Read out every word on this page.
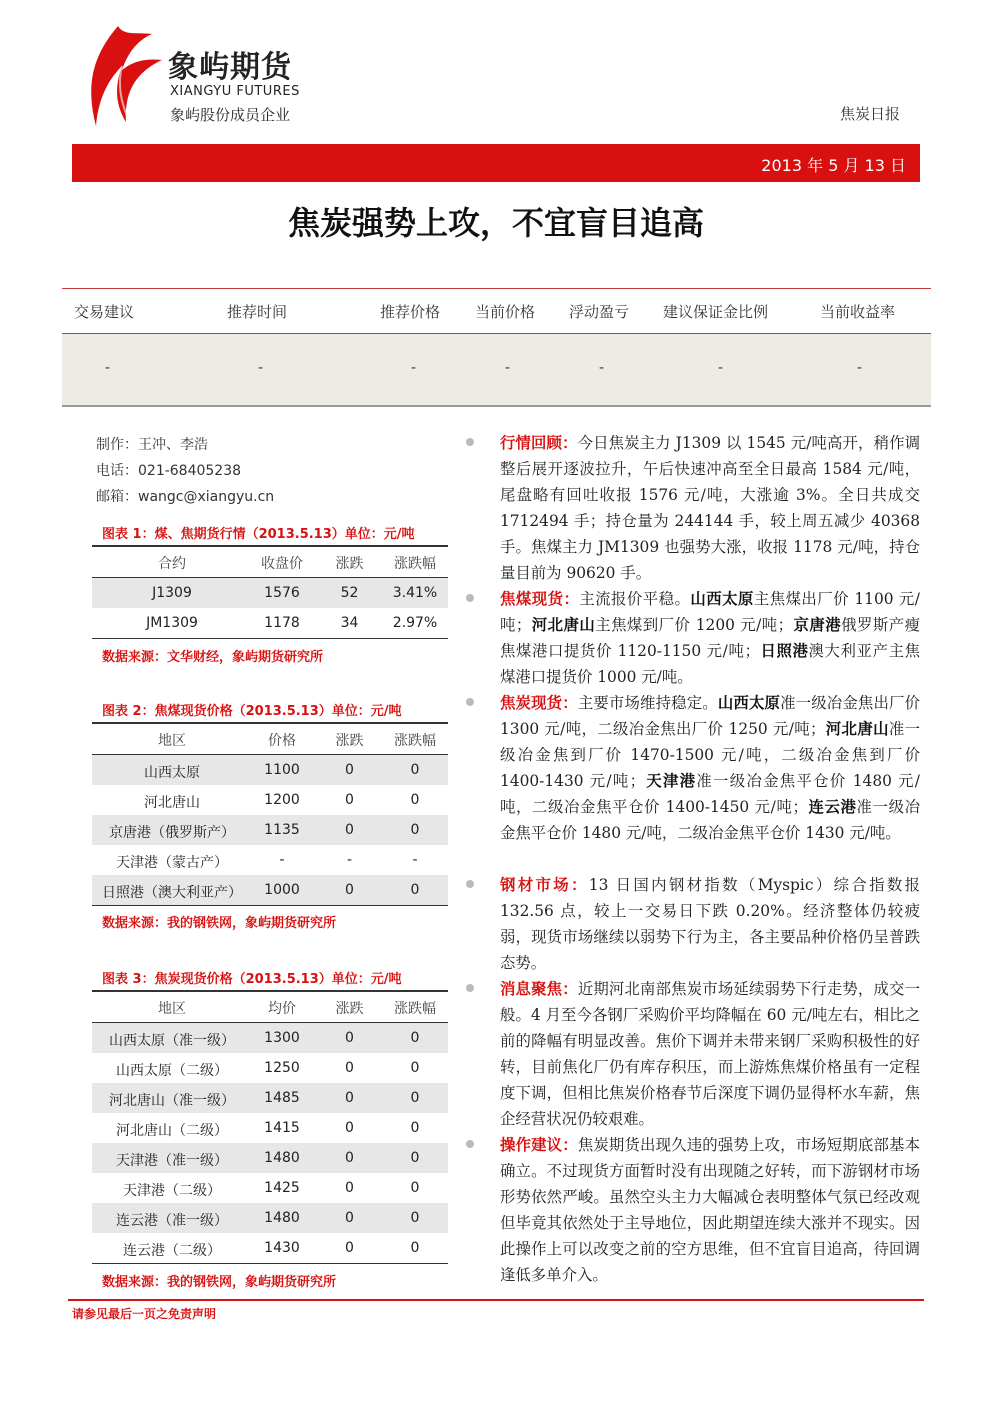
象屿期货
XIANGYU FUTURES
象屿股份成员企业	焦炭日报
2013 年 5 月 13 日
焦炭强势上攻，不宜盲目追高
交易建议	推荐时间	推荐价格 当前价格 浮动盈亏 建议保证金比例	当前收益率
-	-	-	-	-	-	-
制作：王冲、李浩
电话：021-68405238
邮箱：wangc@xiangyu.cn
图表 1：煤、焦期货行情（2013.5.13）单位：元/吨
合约	收盘价	涨跌	涨跌幅
J1309	1576	52	3.41%
JM1309	1178	34	2.97%
数据来源：文华财经，象屿期货研究所
图表 2：焦煤现货价格（2013.5.13）单位：元/吨
地区	价格	涨跌	涨跌幅
山西太原	1100	0	0
河北唐山	1200	0	0
京唐港（俄罗斯产）	1135	0	0
天津港（蒙古产）	-	-	-
日照港（澳大利亚产）	1000	0	0
数据来源：我的钢铁网，象屿期货研究所
图表 3：焦炭现货价格（2013.5.13）单位：元/吨
地区	均价	涨跌	涨跌幅
山西太原（准一级）	1300	0	0
山西太原（二级）	1250	0	0
河北唐山（准一级）	1485	0	0
河北唐山（二级）	1415	0	0
天津港（准一级）	1480	0	0
天津港（二级）	1425	0	0
连云港（准一级）	1480	0	0
连云港（二级）	1430	0	0
数据来源：我的钢铁网，象屿期货研究所
行情回顾：今日焦炭主力 J1309 以 1545 元/吨高开，稍作调整后展开逐波拉升，午后快速冲高至全日最高 1584 元/吨，尾盘略有回吐收报 1576 元/吨，大涨逾 3%。全日共成交 1712494 手；持仓量为 244144 手，较上周五减少 40368 手。焦煤主力 JM1309 也强势大涨，收报 1178 元/吨，持仓量目前为 90620 手。
焦煤现货：主流报价平稳。山西太原主焦煤出厂价 1100 元/吨；河北唐山主焦煤到厂价 1200 元/吨；京唐港俄罗斯产瘦焦煤港口提货价 1120-1150 元/吨；日照港澳大利亚产主焦煤港口提货价 1000 元/吨。
焦炭现货：主要市场维持稳定。山西太原准一级冶金焦出厂价 1300 元/吨，二级冶金焦出厂价 1250 元/吨；河北唐山准一级冶金焦到厂价 1470-1500 元/吨，二级冶金焦到厂价 1400-1430 元/吨；天津港准一级冶金焦平仓价 1480 元/吨，二级冶金焦平仓价 1400-1450 元/吨；连云港准一级冶金焦平仓价 1480 元/吨，二级冶金焦平仓价 1430 元/吨。
钢材市场：13 日国内钢材指数（Myspic）综合指数报 132.56 点，较上一交易日下跌 0.20%。经济整体仍较疲弱，现货市场继续以弱势下行为主，各主要品种价格仍呈普跌态势。
消息聚焦：近期河北南部焦炭市场延续弱势下行走势，成交一般。4 月至今各钢厂采购价平均降幅在 60 元/吨左右，相比之前的降幅有明显改善。焦价下调并未带来钢厂采购积极性的好转，目前焦化厂仍有库存积压，而上游炼焦煤价格虽有一定程度下调，但相比焦炭价格春节后深度下调仍显得杯水车薪，焦企经营状况仍较艰难。
操作建议：焦炭期货出现久违的强势上攻，市场短期底部基本确立。不过现货方面暂时没有出现随之好转，而下游钢材市场形势依然严峻。虽然空头主力大幅减仓表明整体气氛已经改观但毕竟其依然处于主导地位，因此期望连续大涨并不现实。因此操作上可以改变之前的空方思维，但不宜盲目追高，待回调逢低多单介入。
请参见最后一页之免责声明
